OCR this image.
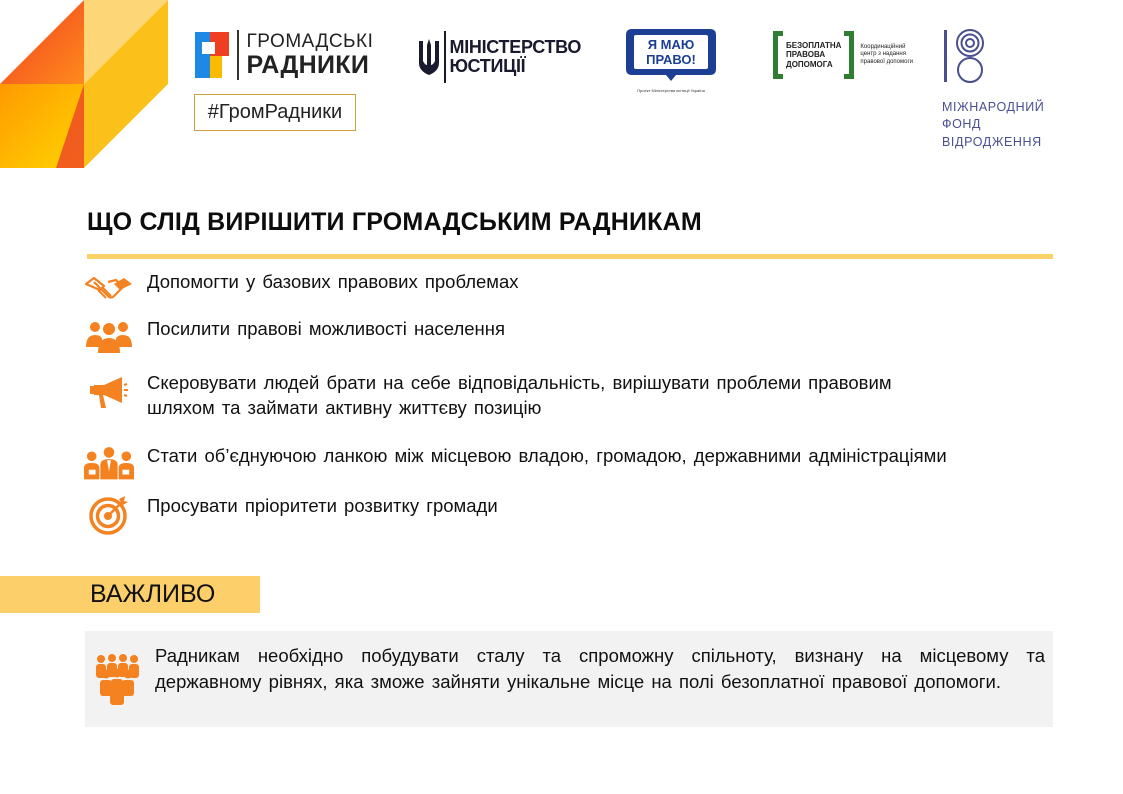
ГРОМАДСЬКІ
РАДНИКИ
#ГромРадники
МІНІСТЕРСТВО
ЮСТИЦІЇ
Я МАЮ
ПРАВО!
Проект Міністерства юстиції України
БЕЗОПЛАТНА
ПРАВОВА
ДОПОМОГА
Координаційний
центр з надання
правової допомоги
МІЖНАРОДНИЙ
ФОНД
ВІДРОДЖЕННЯ
ЩО СЛІД ВИРІШИТИ ГРОМАДСЬКИМ РАДНИКАМ
Допомогти у базових правових проблемах
Посилити правові можливості населення
Скеровувати людей брати на себе відповідальність, вирішувати проблеми правовим
шляхом та займати активну життєву позицію
Стати об’єднуючою ланкою між місцевою владою, громадою, державними адміністраціями
Просувати пріоритети розвитку громади
ВАЖЛИВО
Радникам необхідно побудувати сталу та спроможну спільноту, визнану на місцевому та державному рівнях, яка зможе зайняти унікальне місце на полі безоплатної правової допомоги.
